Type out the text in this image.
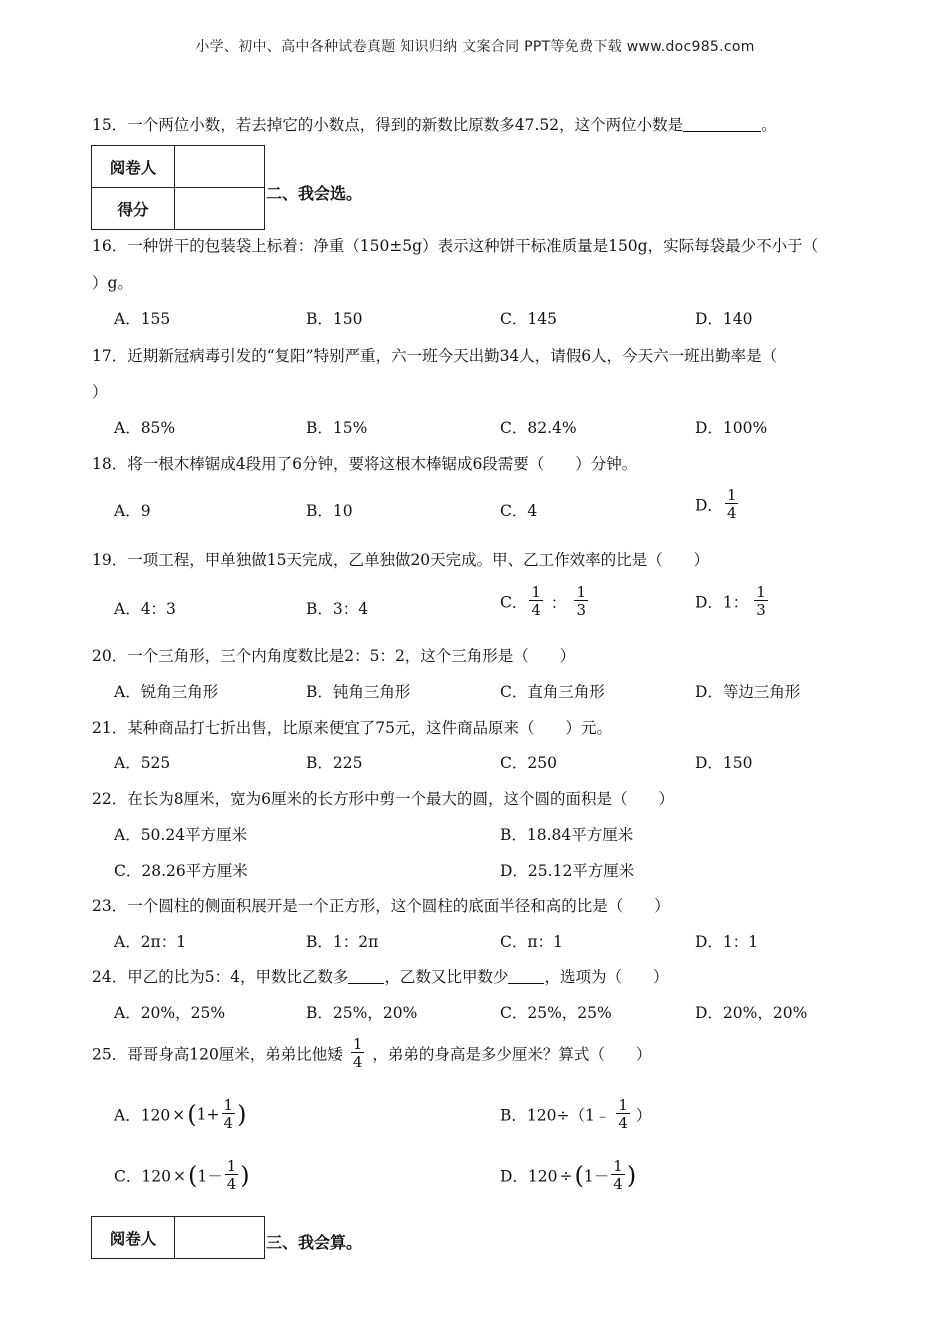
小学、初中、高中各种试卷真题 知识归纳 文案合同 PPT等免费下载 www.doc985.com
15．一个两位小数，若去掉它的小数点，得到的新数比原数多47.52，这个两位小数是	。
阅卷人	
得分	
二、我会选。
16．一种饼干的包装袋上标着：净重（150±5g）表示这种饼干标准质量是150g，实际每袋最少不小于（
）g。
A．155	B．150	C．145	D．140
17．近期新冠病毒引发的“复阳”特别严重，六一班今天出勤34人，请假6人，今天六一班出勤率是（
）
A．85%	B．15%	C．82.4%	D．100%
18．将一根木棒锯成4段用了6分钟，要将这根木棒锯成6段需要（　　）分钟。
A．9	B．10	C．4	D． $\frac{1}{4}$
19．一项工程，甲单独做15天完成，乙单独做20天完成。甲、乙工作效率的比是（　　）
A．4：3	B．3：4	C． $\frac{1}{4}$ ： $\frac{1}{3}$	D．1： $\frac{1}{3}$
20．一个三角形，三个内角度数比是2：5：2，这个三角形是（　　）
A．锐角三角形	B．钝角三角形	C．直角三角形	D．等边三角形
21．某种商品打七折出售，比原来便宜了75元，这件商品原来（　　）元。
A．525	B．225	C．250	D．150
22．在长为8厘米，宽为6厘米的长方形中剪一个最大的圆，这个圆的面积是（　　）
A．50.24平方厘米	B．18.84平方厘米
C．28.26平方厘米	D．25.12平方厘米
23．一个圆柱的侧面积展开是一个正方形，这个圆柱的底面半径和高的比是（　　）
A．2π：1	B．1：2π	C．π：1	D．1：1
24．甲乙的比为5：4，甲数比乙数多 ，乙数又比甲数少 ，选项为（　　）
A．20%，25%	B．25%，20%	C．25%，25%	D．20%，20%
25．哥哥身高120厘米，弟弟比他矮 $\frac{1}{4}$ ，弟弟的身高是多少厘米？算式（　　）
A．$120 \times(1+ \frac{1}{4}$ )	B．120÷（1﹣ $\frac{1}{4}$ ）
C．$120 \times(1- \frac{1}{4}$ )	D．$120 \div(1- \frac{1}{4}$ )
阅卷人		三、我会算。
